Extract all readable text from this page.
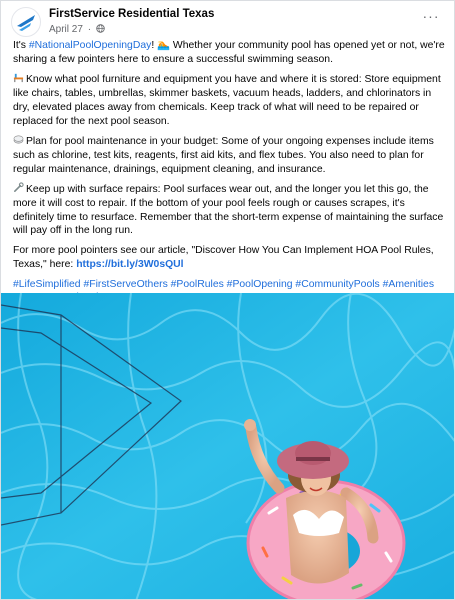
FirstService Residential Texas
April 27 ·
···

It's #NationalPoolOpeningDay! 🏊 Whether your community pool has opened yet or not, we're sharing a few pointers here to ensure a successful swimming season.

Know what pool furniture and equipment you have and where it is stored: Store equipment like chairs, tables, umbrellas, skimmer baskets, vacuum heads, ladders, and chlorinators in dry, elevated places away from chemicals. Keep track of what will need to be repaired or replaced for the next pool season.

Plan for pool maintenance in your budget: Some of your ongoing expenses include items such as chlorine, test kits, reagents, first aid kits, and flex tubes. You also need to plan for regular maintenance, drainings, equipment cleaning, and insurance.

Keep up with surface repairs: Pool surfaces wear out, and the longer you let this go, the more it will cost to repair. If the bottom of your pool feels rough or causes scrapes, it's definitely time to resurface. Remember that the short-term expense of maintaining the surface will pay off in the long run.

For more pool pointers see our article, "Discover How You Can Implement HOA Pool Rules, Texas," here: https://bit.ly/3W0sQUl

#LifeSimplified #FirstServeOthers #PoolRules #PoolOpening #CommunityPools #Amenities
